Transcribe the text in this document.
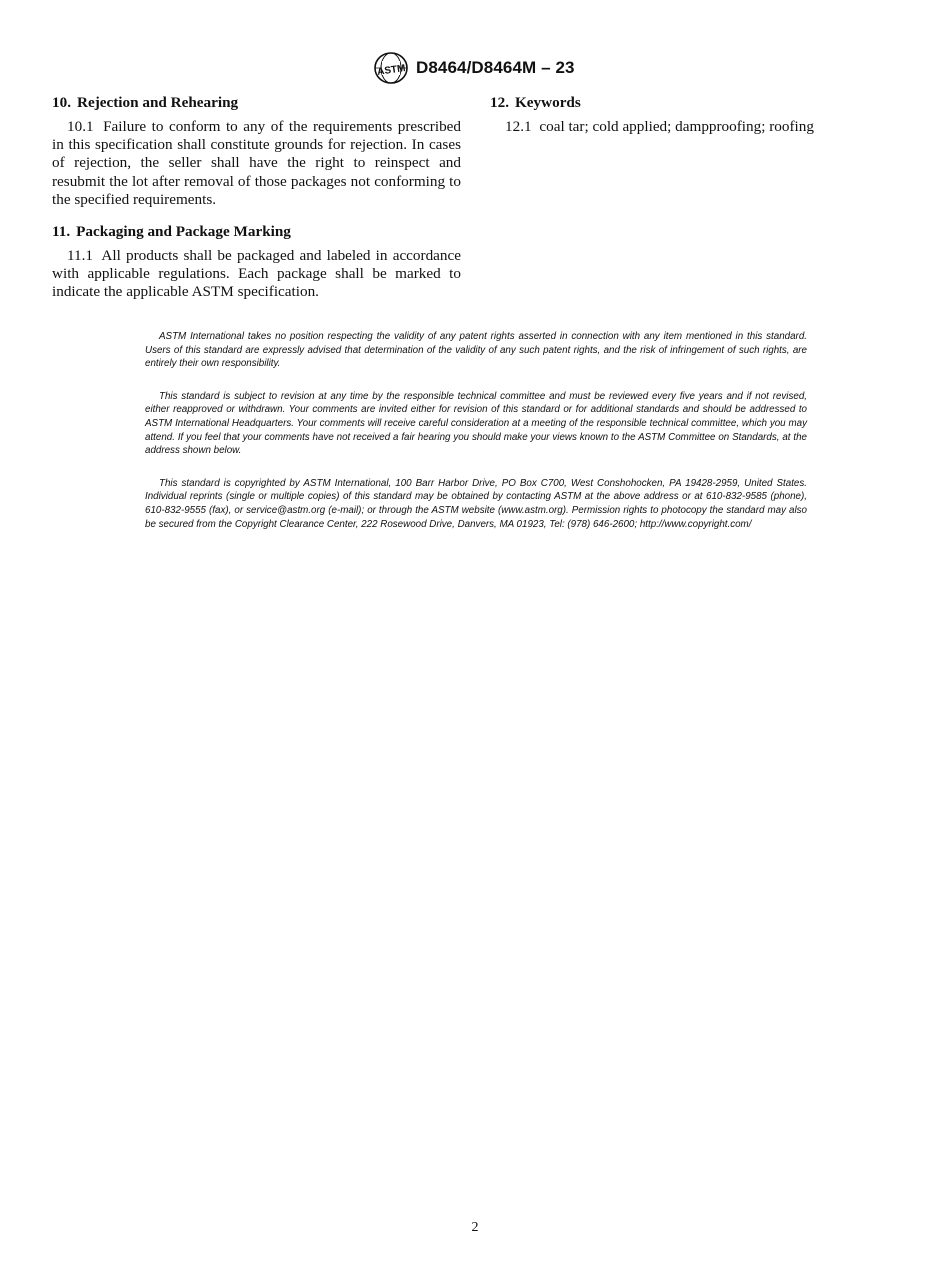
ASTM D8464/D8464M – 23
10. Rejection and Rehearing

10.1 Failure to conform to any of the requirements prescribed in this specification shall constitute grounds for rejection. In cases of rejection, the seller shall have the right to reinspect and resubmit the lot after removal of those packages not conforming to the specified requirements.

11. Packaging and Package Marking

11.1 All products shall be packaged and labeled in accordance with applicable regulations. Each package shall be marked to indicate the applicable ASTM specification.

12. Keywords

12.1 coal tar; cold applied; dampproofing; roofing

ASTM International takes no position respecting the validity of any patent rights asserted in connection with any item mentioned in this standard. Users of this standard are expressly advised that determination of the validity of any such patent rights, and the risk of infringement of such rights, are entirely their own responsibility.

This standard is subject to revision at any time by the responsible technical committee and must be reviewed every five years and if not revised, either reapproved or withdrawn. Your comments are invited either for revision of this standard or for additional standards and should be addressed to ASTM International Headquarters. Your comments will receive careful consideration at a meeting of the responsible technical committee, which you may attend. If you feel that your comments have not received a fair hearing you should make your views known to the ASTM Committee on Standards, at the address shown below.

This standard is copyrighted by ASTM International, 100 Barr Harbor Drive, PO Box C700, West Conshohocken, PA 19428-2959, United States. Individual reprints (single or multiple copies) of this standard may be obtained by contacting ASTM at the above address or at 610-832-9585 (phone), 610-832-9555 (fax), or service@astm.org (e-mail); or through the ASTM website (www.astm.org). Permission rights to photocopy the standard may also be secured from the Copyright Clearance Center, 222 Rosewood Drive, Danvers, MA 01923, Tel: (978) 646-2600; http://www.copyright.com/

2
